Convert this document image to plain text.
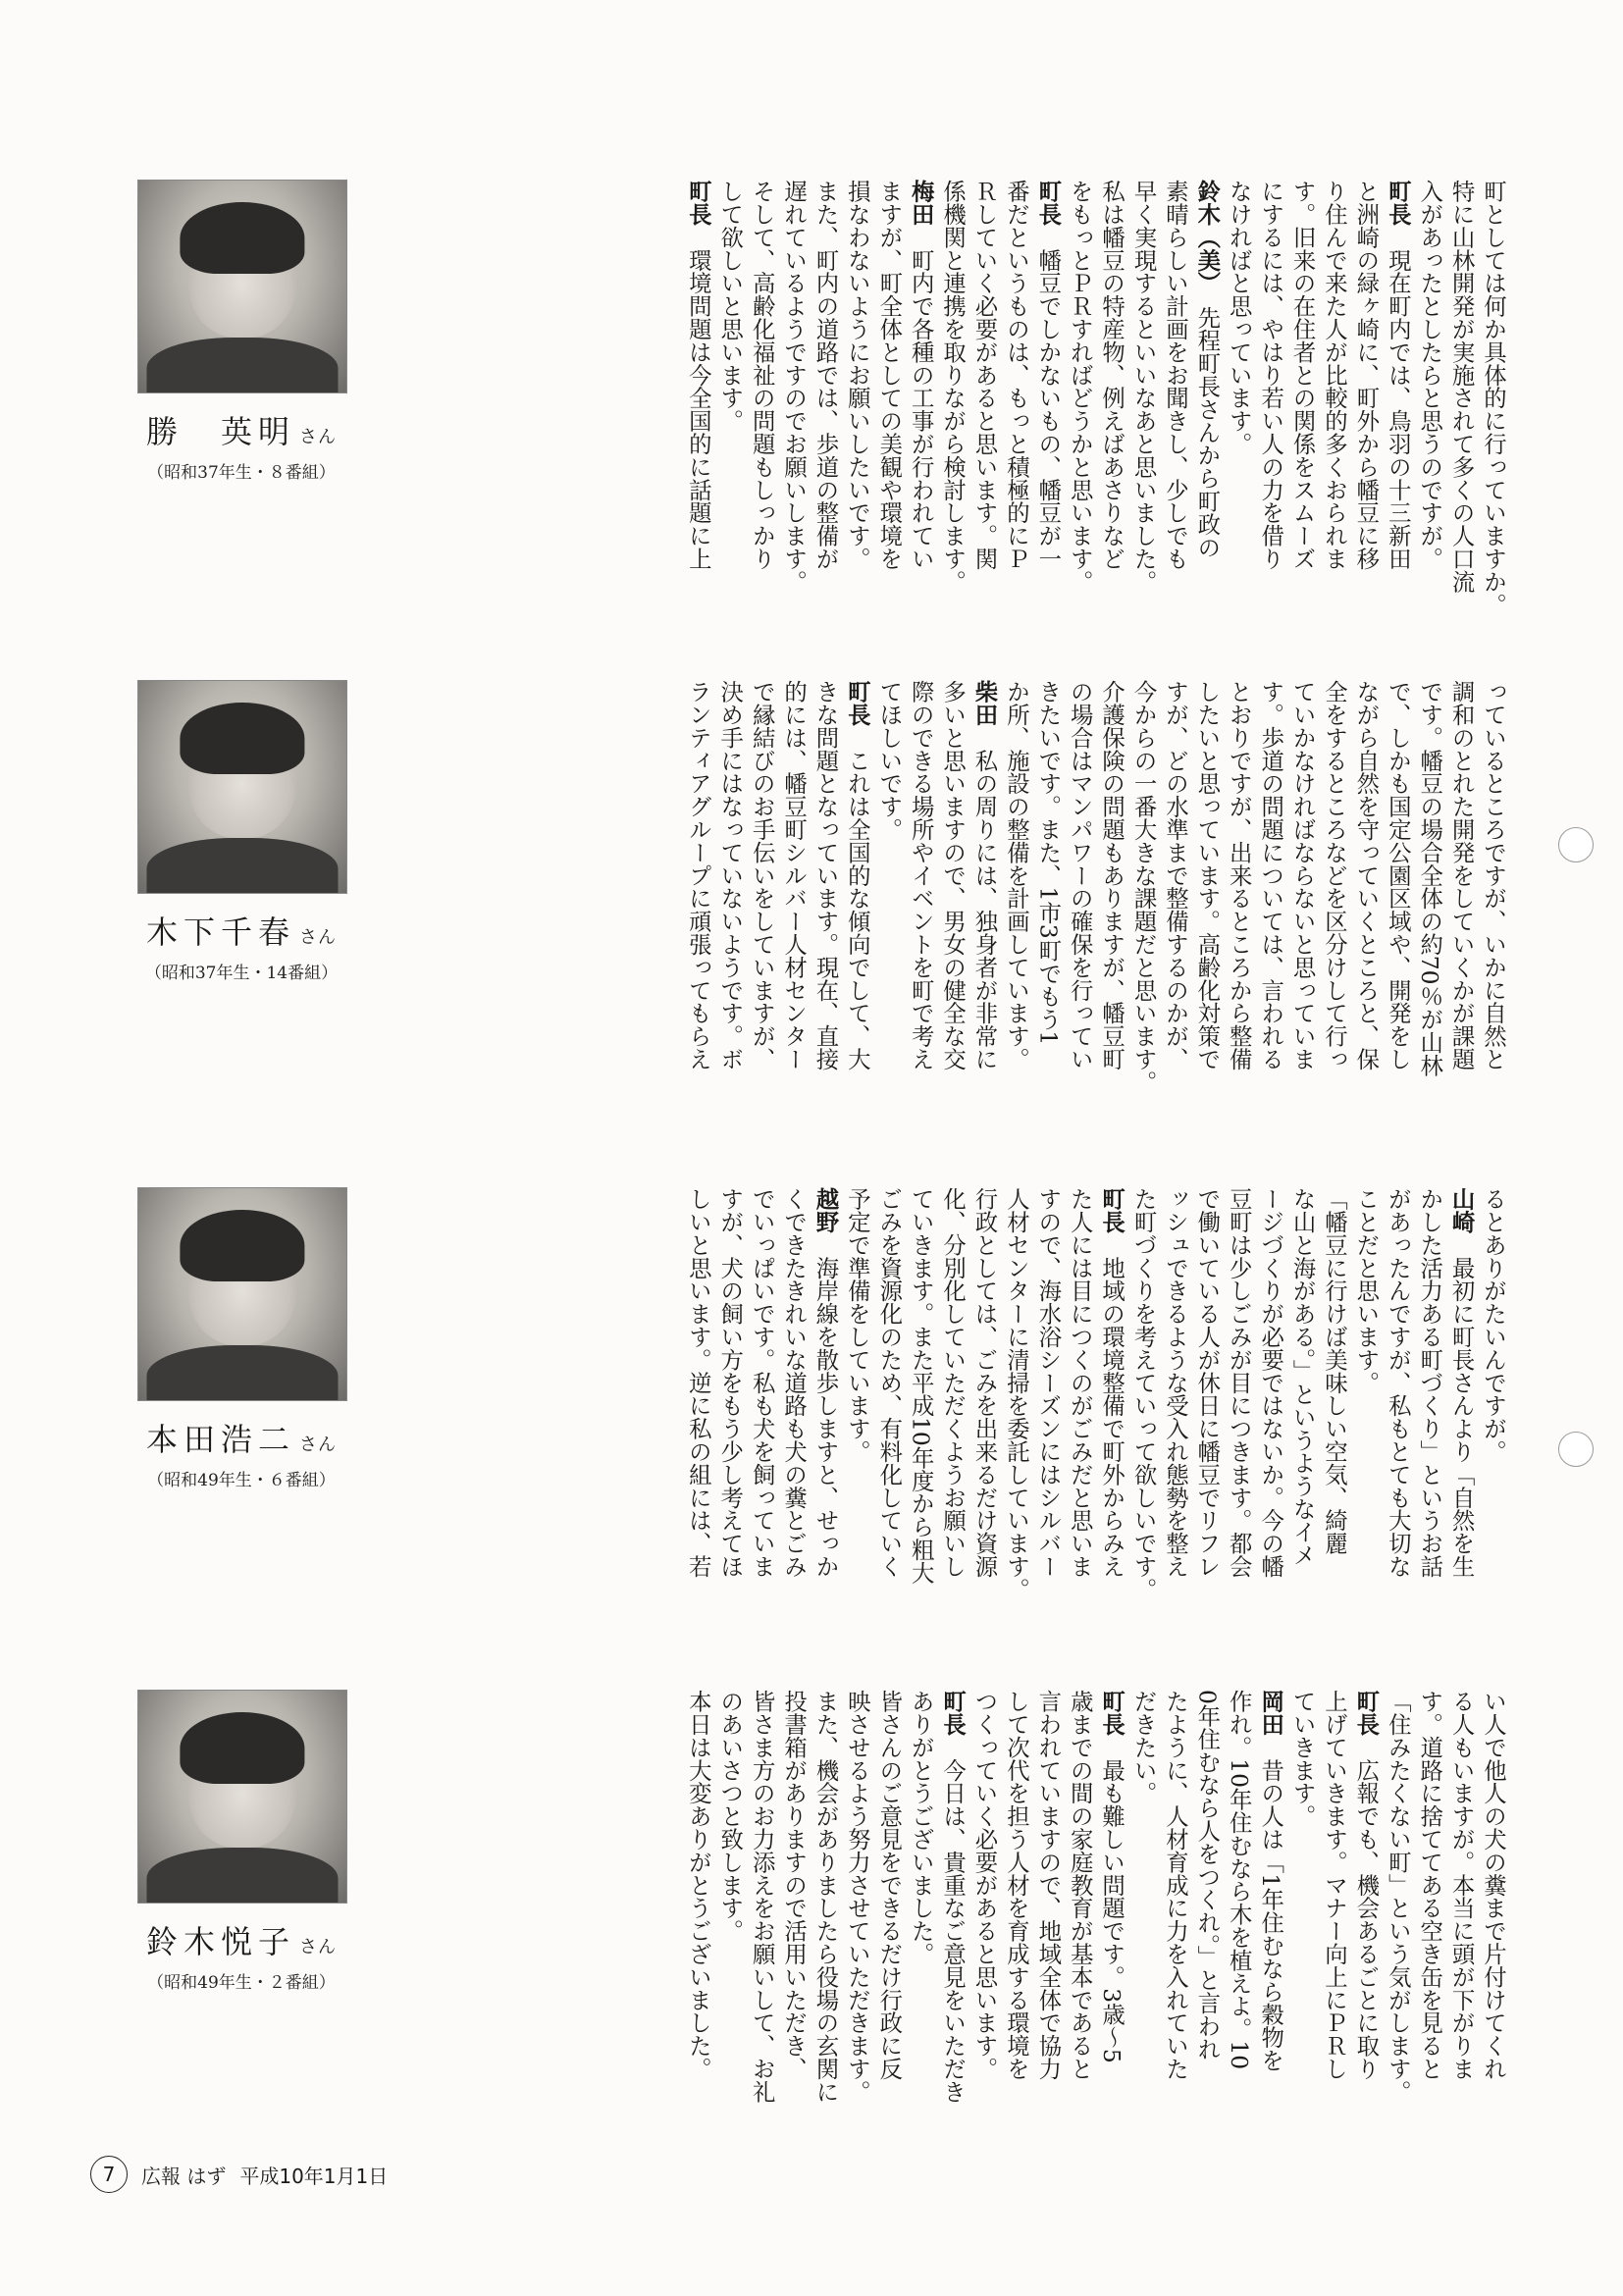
勝　英明 さん
（昭和37年生・８番組）
木下千春 さん
（昭和37年生・14番組）
本田浩二 さん
（昭和49年生・６番組）
鈴木悦子 さん
（昭和49年生・２番組）
町としては何か具体的に行っていますか。
特に山林開発が実施されて多くの人口流
入があったとしたらと思うのですが。
町長　現在町内では、鳥羽の十三新田
と洲崎の緑ヶ崎に、町外から幡豆に移
り住んで来た人が比較的多くおられま
す。旧来の在住者との関係をスムーズ
にするには、やはり若い人の力を借り
なければと思っています。
鈴木（美）　先程町長さんから町政の
素晴らしい計画をお聞きし、少しでも
早く実現するといいなあと思いました。
私は幡豆の特産物、例えばあさりなど
をもっとＰＲすればどうかと思います。
町長　幡豆でしかないもの、幡豆が一
番だというものは、もっと積極的にＰ
Ｒしていく必要があると思います。関
係機関と連携を取りながら検討します。
梅田　町内で各種の工事が行われてい
ますが、町全体としての美観や環境を
損なわないようにお願いしたいです。
また、町内の道路では、歩道の整備が
遅れているようですのでお願いします。
そして、高齢化福祉の問題もしっかり
して欲しいと思います。
町長　環境問題は今全国的に話題に上
っているところですが、いかに自然と
調和のとれた開発をしていくかが課題
です。幡豆の場合全体の約70％が山林
で、しかも国定公園区域や、開発をし
ながら自然を守っていくところと、保
全をするところなどを区分けして行っ
ていかなければならないと思っていま
す。歩道の問題については、言われる
とおりですが、出来るところから整備
したいと思っています。高齢化対策で
すが、どの水準まで整備するのかが、
今からの一番大きな課題だと思います。
介護保険の問題もありますが、幡豆町
の場合はマンパワーの確保を行ってい
きたいです。また、1市3町でもう1
か所、施設の整備を計画しています。
柴田　私の周りには、独身者が非常に
多いと思いますので、男女の健全な交
際のできる場所やイベントを町で考え
てほしいです。
町長　これは全国的な傾向でして、大
きな問題となっています。現在、直接
的には、幡豆町シルバー人材センター
で縁結びのお手伝いをしていますが、
決め手にはなっていないようです。ボ
ランティアグループに頑張ってもらえ
るとありがたいんですが。
山崎　最初に町長さんより「自然を生
かした活力ある町づくり」というお話
があったんですが、私もとても大切な
ことだと思います。
「幡豆に行けば美味しい空気、綺麗
な山と海がある。」というようなイメ
ージづくりが必要ではないか。今の幡
豆町は少しごみが目につきます。都会
で働いている人が休日に幡豆でリフレ
ッシュできるような受入れ態勢を整え
た町づくりを考えていって欲しいです。
町長　地域の環境整備で町外からみえ
た人には目につくのがごみだと思いま
すので、海水浴シーズンにはシルバー
人材センターに清掃を委託しています。
行政としては、ごみを出来るだけ資源
化、分別化していただくようお願いし
ていきます。また平成10年度から粗大
ごみを資源化のため、有料化していく
予定で準備をしています。
越野　海岸線を散歩しますと、せっか
くできたきれいな道路も犬の糞とごみ
でいっぱいです。私も犬を飼っていま
すが、犬の飼い方をもう少し考えてほ
しいと思います。逆に私の組には、若
い人で他人の犬の糞まで片付けてくれ
る人もいますが。本当に頭が下がりま
す。道路に捨ててある空き缶を見ると
「住みたくない町」という気がします。
町長　広報でも、機会あるごとに取り
上げていきます。マナー向上にＰＲし
ていきます。
岡田　昔の人は「1年住むなら穀物を
作れ。10年住むなら木を植えよ。10
0年住むなら人をつくれ。」と言われ
たように、人材育成に力を入れていた
だきたい。
町長　最も難しい問題です。3歳～5
歳までの間の家庭教育が基本であると
言われていますので、地域全体で協力
して次代を担う人材を育成する環境を
つくっていく必要があると思います。
町長　今日は、貴重なご意見をいただきありがとうございました。
皆さんのご意見をできるだけ行政に反
映させるよう努力させていただきます。
また、機会がありましたら役場の玄関に
投書箱がありますので活用いただき、
皆さま方のお力添えをお願いして、お礼
のあいさつと致します。
本日は大変ありがとうございました。
7	広報 はず 平成10年1月1日
